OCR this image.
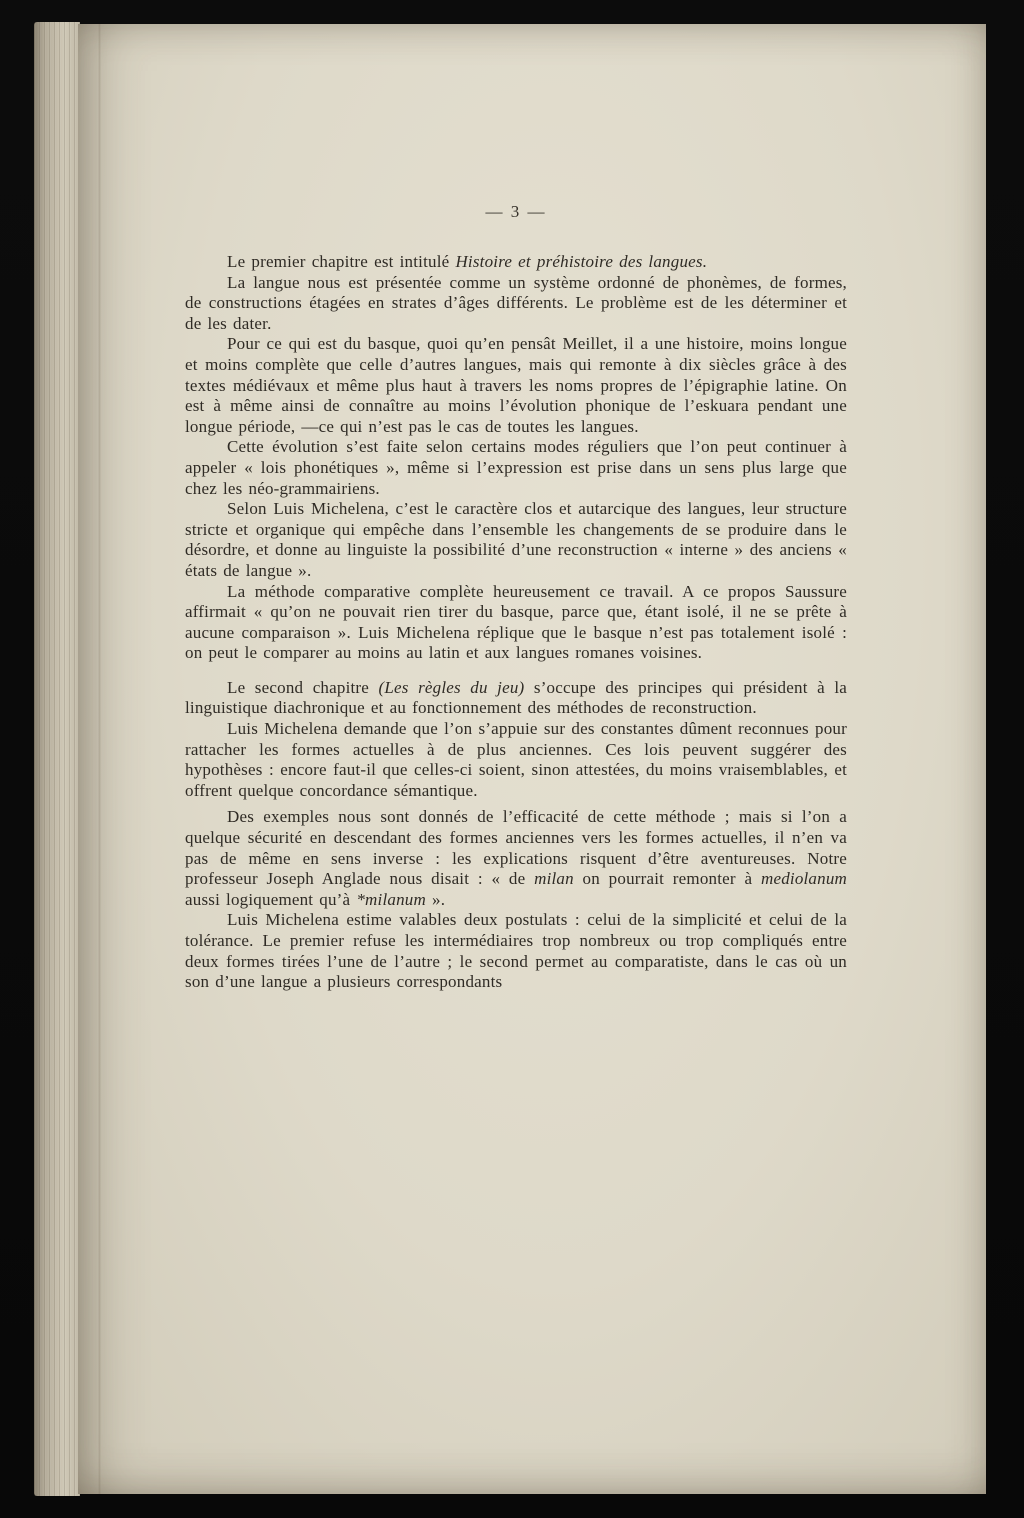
— 3 —

Le premier chapitre est intitulé Histoire et préhistoire des langues.

La langue nous est présentée comme un système ordonné de phonèmes, de formes, de constructions étagées en strates d’âges différents. Le problème est de les déterminer et de les dater.

Pour ce qui est du basque, quoi qu’en pensât Meillet, il a une histoire, moins longue et moins complète que celle d’autres langues, mais qui remonte à dix siècles grâce à des textes médiévaux et même plus haut à travers les noms propres de l’épigraphie latine. On est à même ainsi de connaître au moins l’évolution phonique de l’eskuara pendant une longue période, —ce qui n’est pas le cas de toutes les langues.

Cette évolution s’est faite selon certains modes réguliers que l’on peut continuer à appeler « lois phonétiques », même si l’expression est prise dans un sens plus large que chez les néo-grammairiens.

Selon Luis Michelena, c’est le caractère clos et autarcique des langues, leur structure stricte et organique qui empêche dans l’ensemble les changements de se produire dans le désordre, et donne au linguiste la possibilité d’une reconstruction « interne » des anciens « états de langue ».

La méthode comparative complète heureusement ce travail. A ce propos Saussure affirmait « qu’on ne pouvait rien tirer du basque, parce que, étant isolé, il ne se prête à aucune comparaison ». Luis Michelena réplique que le basque n’est pas totalement isolé : on peut le comparer au moins au latin et aux langues romanes voisines.

Le second chapitre (Les règles du jeu) s’occupe des principes qui président à la linguistique diachronique et au fonctionnement des méthodes de reconstruction.

Luis Michelena demande que l’on s’appuie sur des constantes dûment reconnues pour rattacher les formes actuelles à de plus anciennes. Ces lois peuvent suggérer des hypothèses : encore faut-il que celles-ci soient, sinon attestées, du moins vraisemblables, et offrent quelque concordance sémantique.

Des exemples nous sont donnés de l’efficacité de cette méthode ; mais si l’on a quelque sécurité en descendant des formes anciennes vers les formes actuelles, il n’en va pas de même en sens inverse : les explications risquent d’être aventureuses. Notre professeur Joseph Anglade nous disait : « de milan on pourrait remonter à mediolanum aussi logiquement qu’à *milanum ».

Luis Michelena estime valables deux postulats : celui de la simplicité et celui de la tolérance. Le premier refuse les intermédiaires trop nombreux ou trop compliqués entre deux formes tirées l’une de l’autre ; le second permet au comparatiste, dans le cas où un son d’une langue a plusieurs correspondants
